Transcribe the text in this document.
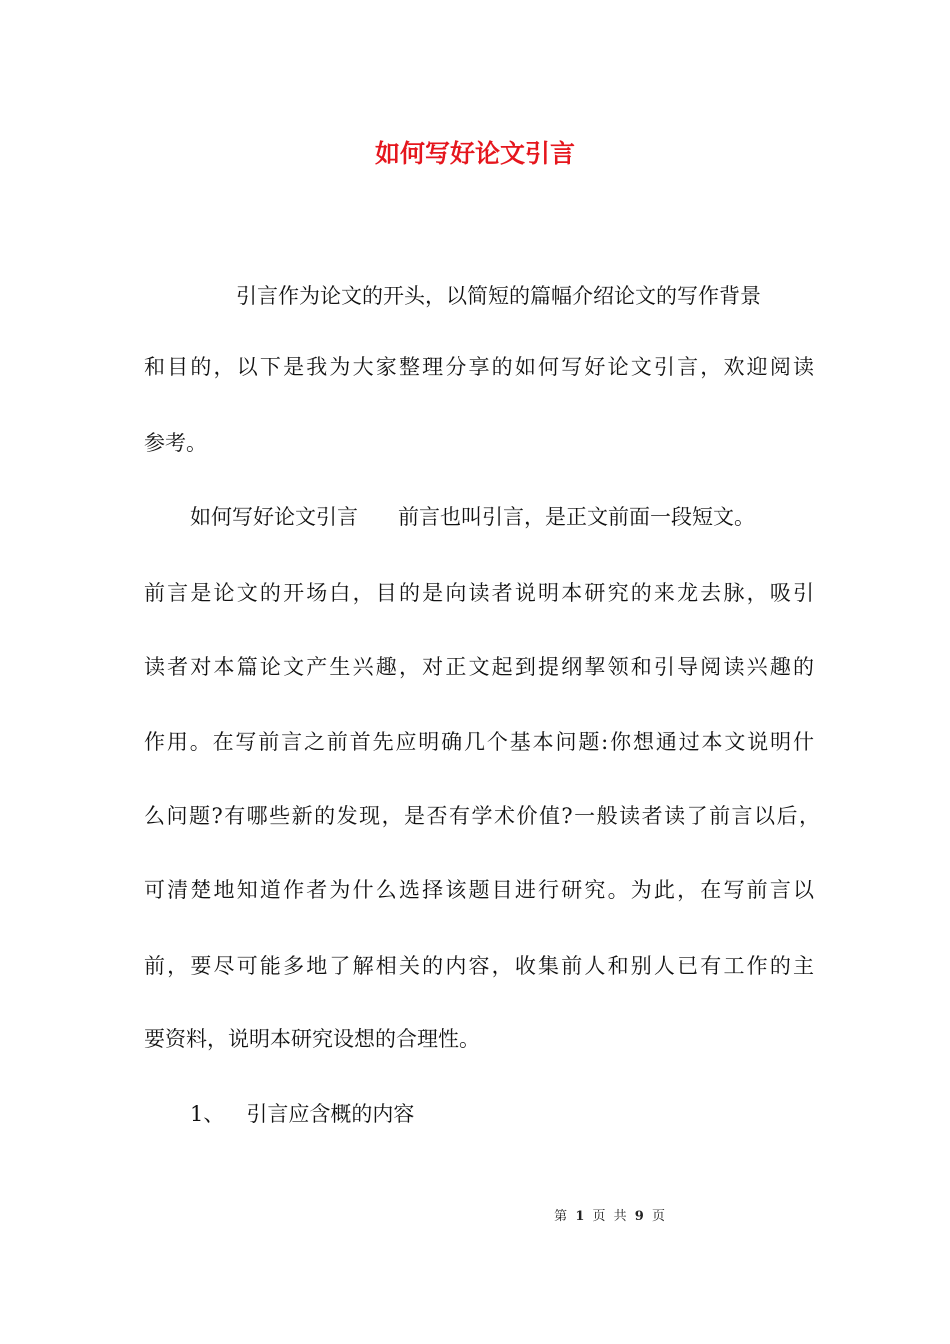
如何写好论文引言
引言作为论文的开头，以简短的篇幅介绍论文的写作背景
和目的，以下是我为大家整理分享的如何写好论文引言，欢迎阅读
参考。
如何写好论文引言 前言也叫引言，是正文前面一段短文。
前言是论文的开场白，目的是向读者说明本研究的来龙去脉，吸引
读者对本篇论文产生兴趣，对正文起到提纲挈领和引导阅读兴趣的
作用。在写前言之前首先应明确几个基本问题:你想通过本文说明什
么问题?有哪些新的发现，是否有学术价值?一般读者读了前言以后，
可清楚地知道作者为什么选择该题目进行研究。为此，在写前言以
前，要尽可能多地了解相关的内容，收集前人和别人已有工作的主
要资料，说明本研究设想的合理性。
1、 引言应含概的内容
第 1 页 共 9 页
